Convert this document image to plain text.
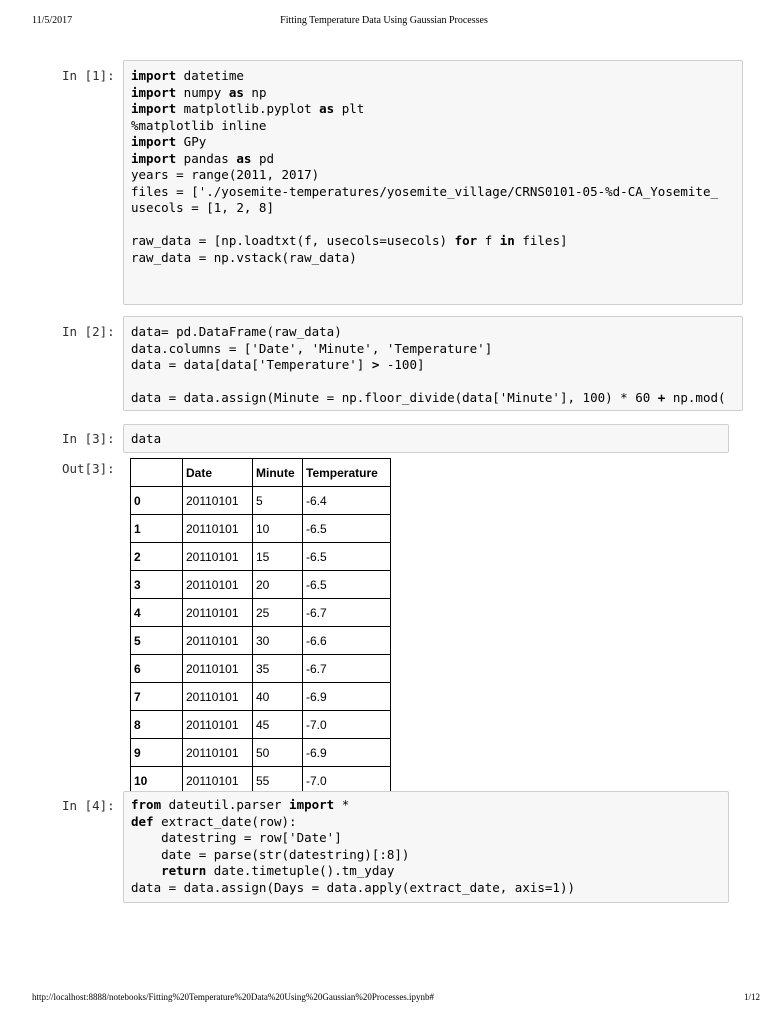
11/5/2017	Fitting Temperature Data Using Gaussian Processes
In [1]:	import datetime
import numpy as np
import matplotlib.pyplot as plt
%matplotlib inline
import GPy
import pandas as pd
years = range(2011, 2017)
files = ['./yosemite-temperatures/yosemite_village/CRNS0101-05-%d-CA_Yosemite_
usecols = [1, 2, 8]

raw_data = [np.loadtxt(f, usecols=usecols) for f in files]
raw_data = np.vstack(raw_data)
In [2]:	data= pd.DataFrame(raw_data)
data.columns = ['Date', 'Minute', 'Temperature']
data = data[data['Temperature'] > -100]

data = data.assign(Minute = np.floor_divide(data['Minute'], 100) * 60 + np.mod(
In [3]:	data
Out[3]:
		Date	Minute	Temperature
0	20110101	5	-6.4
1	20110101	10	-6.5
2	20110101	15	-6.5
3	20110101	20	-6.5
4	20110101	25	-6.7
5	20110101	30	-6.6
6	20110101	35	-6.7
7	20110101	40	-6.9
8	20110101	45	-7.0
9	20110101	50	-6.9
10	20110101	55	-7.0
In [4]:	from dateutil.parser import *
def extract_date(row):
datestring = row['Date']
date = parse(str(datestring)[:8])
return date.timetuple().tm_yday
data = data.assign(Days = data.apply(extract_date, axis=1))
http://localhost:8888/notebooks/Fitting%20Temperature%20Data%20Using%20Gaussian%20Processes.ipynb#	1/12
